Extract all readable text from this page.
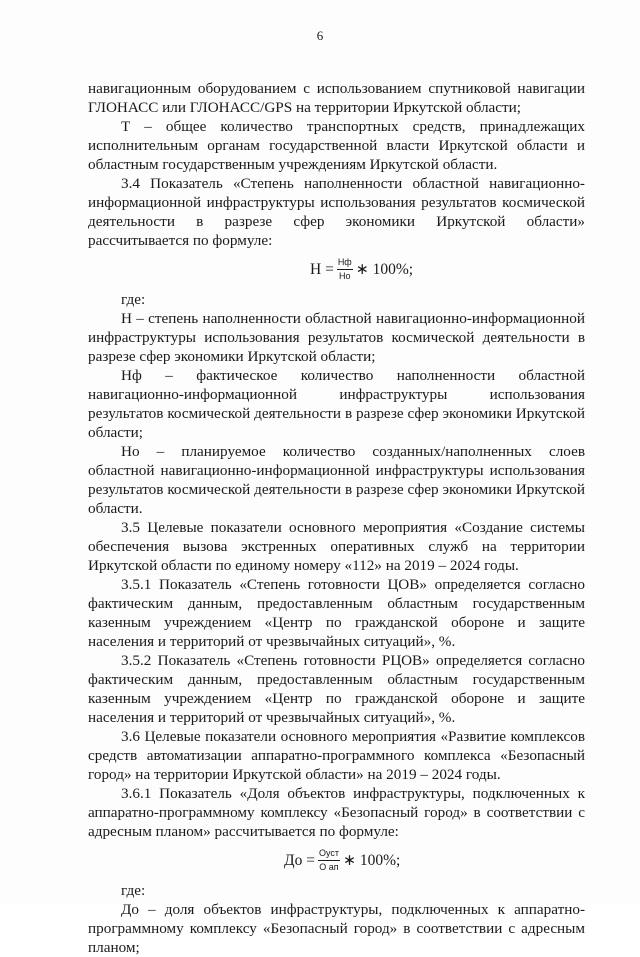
6

навигационным оборудованием с использованием спутниковой навигации ГЛОНАСС или ГЛОНАСС/GPS на территории Иркутской области;

Т – общее количество транспортных средств, принадлежащих исполнительным органам государственной власти Иркутской области и областным государственным учреждениям Иркутской области.

3.4 Показатель «Степень наполненности областной навигационно-информационной инфраструктуры использования результатов космической деятельности в разрезе сфер экономики Иркутской области» рассчитывается по формуле:

$Н = \frac{Нф}{Но}$ ∗ 100%;

где:

Н – степень наполненности областной навигационно-информационной инфраструктуры использования результатов космической деятельности в разрезе сфер экономики Иркутской области;

Нф – фактическое количество наполненности областной навигационно-информационной инфраструктуры использования результатов космической деятельности в разрезе сфер экономики Иркутской области;

Но – планируемое количество созданных/наполненных слоев областной навигационно-информационной инфраструктуры использования результатов космической деятельности в разрезе сфер экономики Иркутской области.

3.5 Целевые показатели основного мероприятия «Создание системы обеспечения вызова экстренных оперативных служб на территории Иркутской области по единому номеру «112» на 2019 – 2024 годы.

3.5.1 Показатель «Степень готовности ЦОВ» определяется согласно фактическим данным, предоставленным областным государственным казенным учреждением «Центр по гражданской обороне и защите населения и территорий от чрезвычайных ситуаций», %.

3.5.2 Показатель «Степень готовности РЦОВ» определяется согласно фактическим данным, предоставленным областным государственным казенным учреждением «Центр по гражданской обороне и защите населения и территорий от чрезвычайных ситуаций», %.

3.6 Целевые показатели основного мероприятия «Развитие комплексов средств автоматизации аппаратно-программного комплекса «Безопасный город» на территории Иркутской области» на 2019 – 2024 годы.

3.6.1 Показатель «Доля объектов инфраструктуры, подключенных к аппаратно-программному комплексу «Безопасный город» в соответствии с адресным планом» рассчитывается по формуле:

До = $\frac{\text{Оуст}}{\text{О ап}}$ ∗ 100%;

где:

До – доля объектов инфраструктуры, подключенных к аппаратно-программному комплексу «Безопасный город» в соответствии с адресным планом;
